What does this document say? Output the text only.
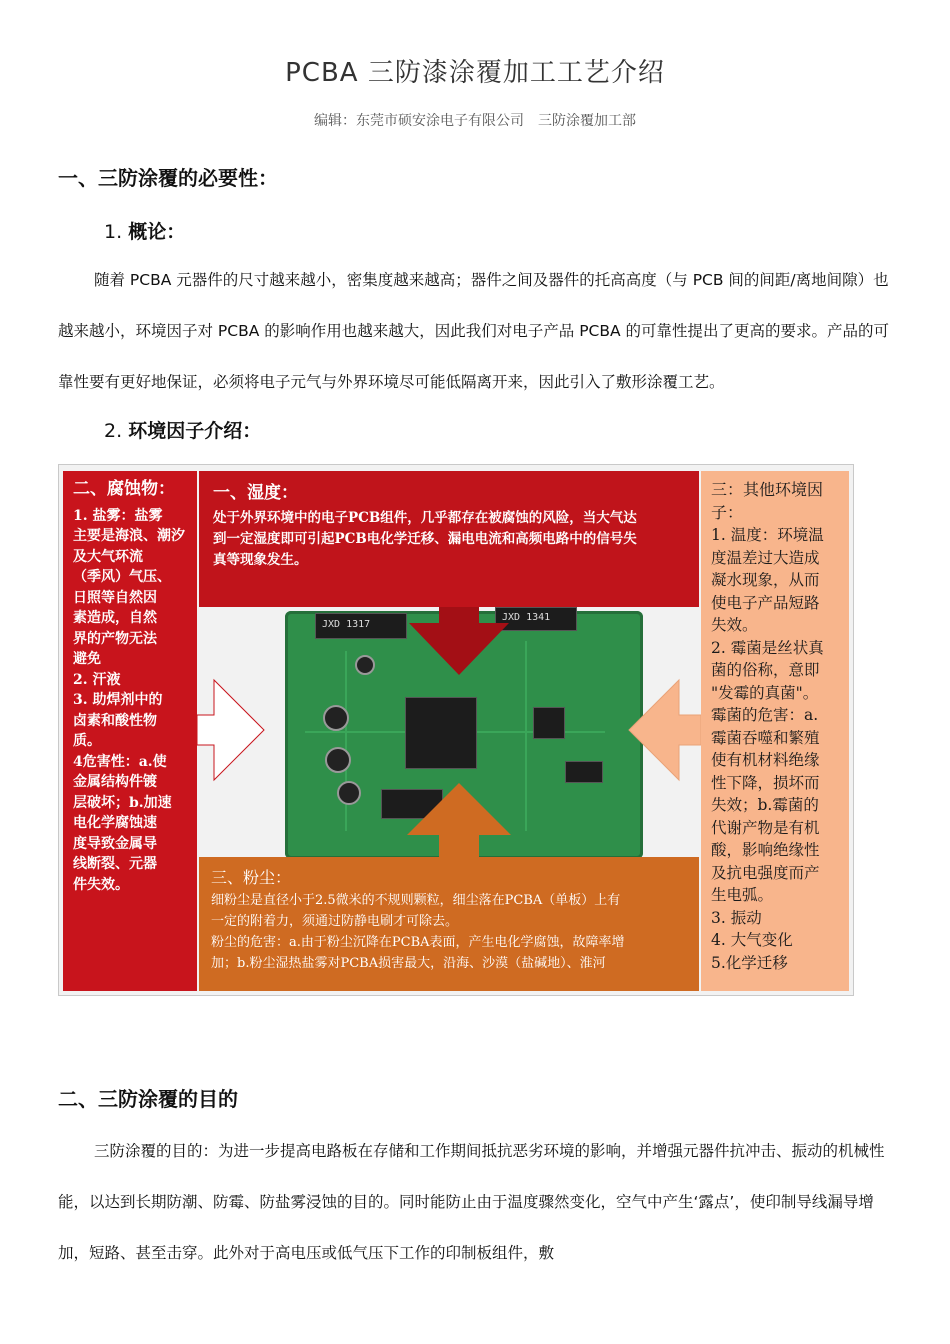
PCBA 三防漆涂覆加工工艺介绍
编辑：东莞市硕安涂电子有限公司　三防涂覆加工部
一、三防涂覆的必要性：
1. 概论：

随着 PCBA 元器件的尺寸越来越小，密集度越来越高；器件之间及器件的托高高度（与 PCB 间的间距/离地间隙）也越来越小，环境因子对 PCBA 的影响作用也越来越大，因此我们对电子产品 PCBA 的可靠性提出了更高的要求。产品的可靠性要有更好地保证，必须将电子元气与外界环境尽可能低隔离开来，因此引入了敷形涂覆工艺。

2. 环境因子介绍：
JXD 1317
JXD 1341
二、腐蚀物：
1. 盐雾：盐雾
主要是海浪、潮汐
及大气环流
（季风）气压、
日照等自然因
素造成，自然
界的产物无法
避免
2. 汗液
3. 助焊剂中的
卤素和酸性物
质。
4危害性：a.使
金属结构件镀
层破坏；b.加速
电化学腐蚀速
度导致金属导
线断裂、元器
件失效。
一、湿度：
处于外界环境中的电子PCB组件，几乎都存在被腐蚀的风险，当大气达
到一定湿度即可引起PCB电化学迁移、漏电电流和高频电路中的信号失
真等现象发生。
三、粉尘：
细粉尘是直径小于2.5微米的不规则颗粒，细尘落在PCBA（单板）上有
一定的附着力，须通过防静电刷才可除去。
粉尘的危害：a.由于粉尘沉降在PCBA表面，产生电化学腐蚀，故障率增
加；b.粉尘湿热盐雾对PCBA损害最大，沿海、沙漠（盐碱地）、淮河
三：其他环境因子：
1. 温度：环境温
度温差过大造成
凝水现象，从而
使电子产品短路
失效。
2. 霉菌是丝状真
菌的俗称，意即
"发霉的真菌"。
霉菌的危害：a.
霉菌吞噬和繁殖
使有机材料绝缘
性下降，损坏而
失效；b.霉菌的
代谢产物是有机
酸，影响绝缘性
及抗电强度而产
生电弧。
3. 振动
4. 大气变化
5.化学迁移
二、三防涂覆的目的

三防涂覆的目的：为进一步提高电路板在存储和工作期间抵抗恶劣环境的影响，并增强元器件抗冲击、振动的机械性能，以达到长期防潮、防霉、防盐雾浸蚀的目的。同时能防止由于温度骤然变化，空气中产生‘露点’，使印制导线漏导增加，短路、甚至击穿。此外对于高电压或低气压下工作的印制板组件，敷
